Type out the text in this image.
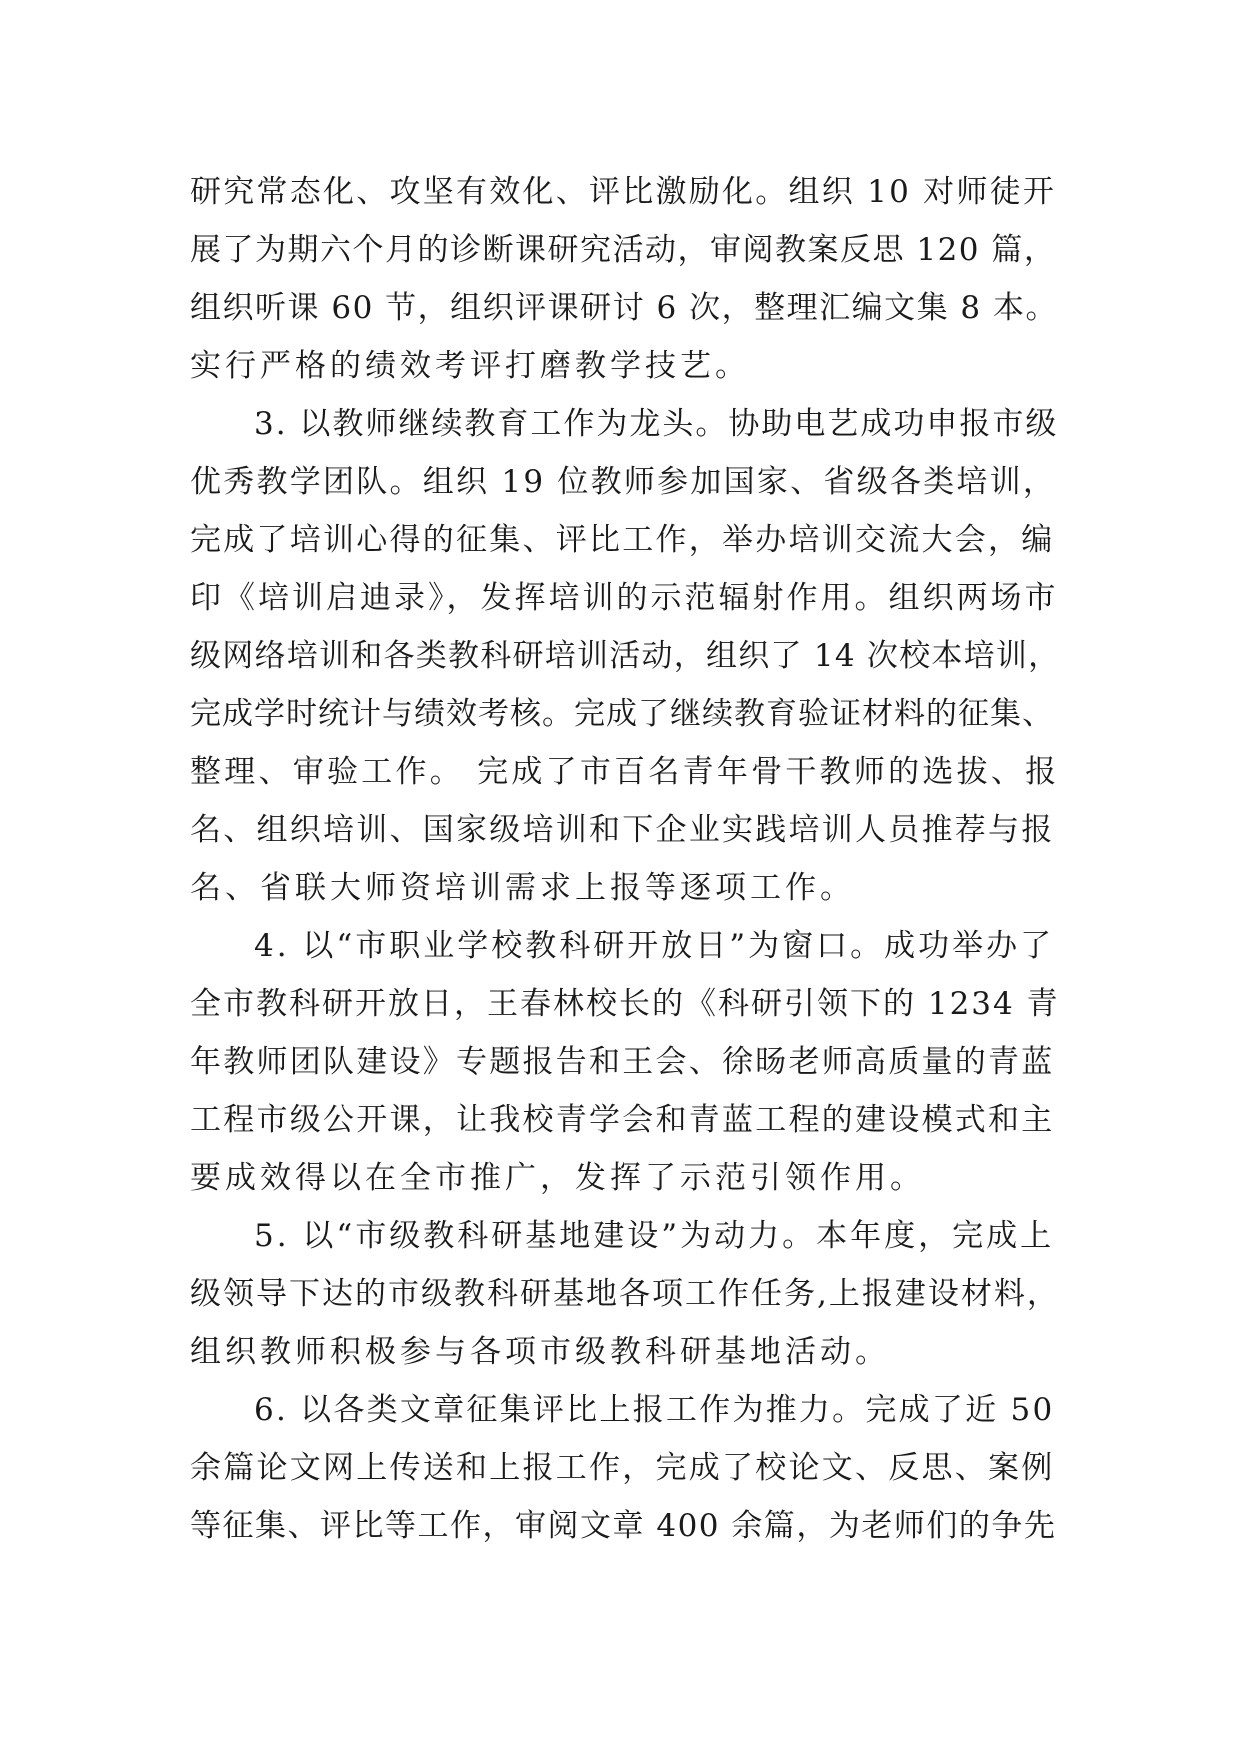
研究常态化、攻坚有效化、评比激励化。组织 10 对师徒开
展了为期六个月的诊断课研究活动，审阅教案反思 120 篇，
组织听课 60 节，组织评课研讨 6 次，整理汇编文集 8 本。
实行严格的绩效考评打磨教学技艺。
3. 以教师继续教育工作为龙头。协助电艺成功申报市级
优秀教学团队。组织 19 位教师参加国家、省级各类培训，
完成了培训心得的征集、评比工作，举办培训交流大会，编
印《培训启迪录》，发挥培训的示范辐射作用。组织两场市
级网络培训和各类教科研培训活动，组织了 14 次校本培训，
完成学时统计与绩效考核。完成了继续教育验证材料的征集、
整理、审验工作。 完成了市百名青年骨干教师的选拔、报
名、组织培训、国家级培训和下企业实践培训人员推荐与报
名、省联大师资培训需求上报等逐项工作。
4. 以“市职业学校教科研开放日”为窗口。成功举办了
全市教科研开放日，王春林校长的《科研引领下的 1234 青
年教师团队建设》专题报告和王会、徐旸老师高质量的青蓝
工程市级公开课，让我校青学会和青蓝工程的建设模式和主
要成效得以在全市推广，发挥了示范引领作用。
5. 以“市级教科研基地建设”为动力。本年度，完成上
级领导下达的市级教科研基地各项工作任务,上报建设材料，
组织教师积极参与各项市级教科研基地活动。
6. 以各类文章征集评比上报工作为推力。完成了近 50
余篇论文网上传送和上报工作，完成了校论文、反思、案例
等征集、评比等工作，审阅文章 400 余篇，为老师们的争先
